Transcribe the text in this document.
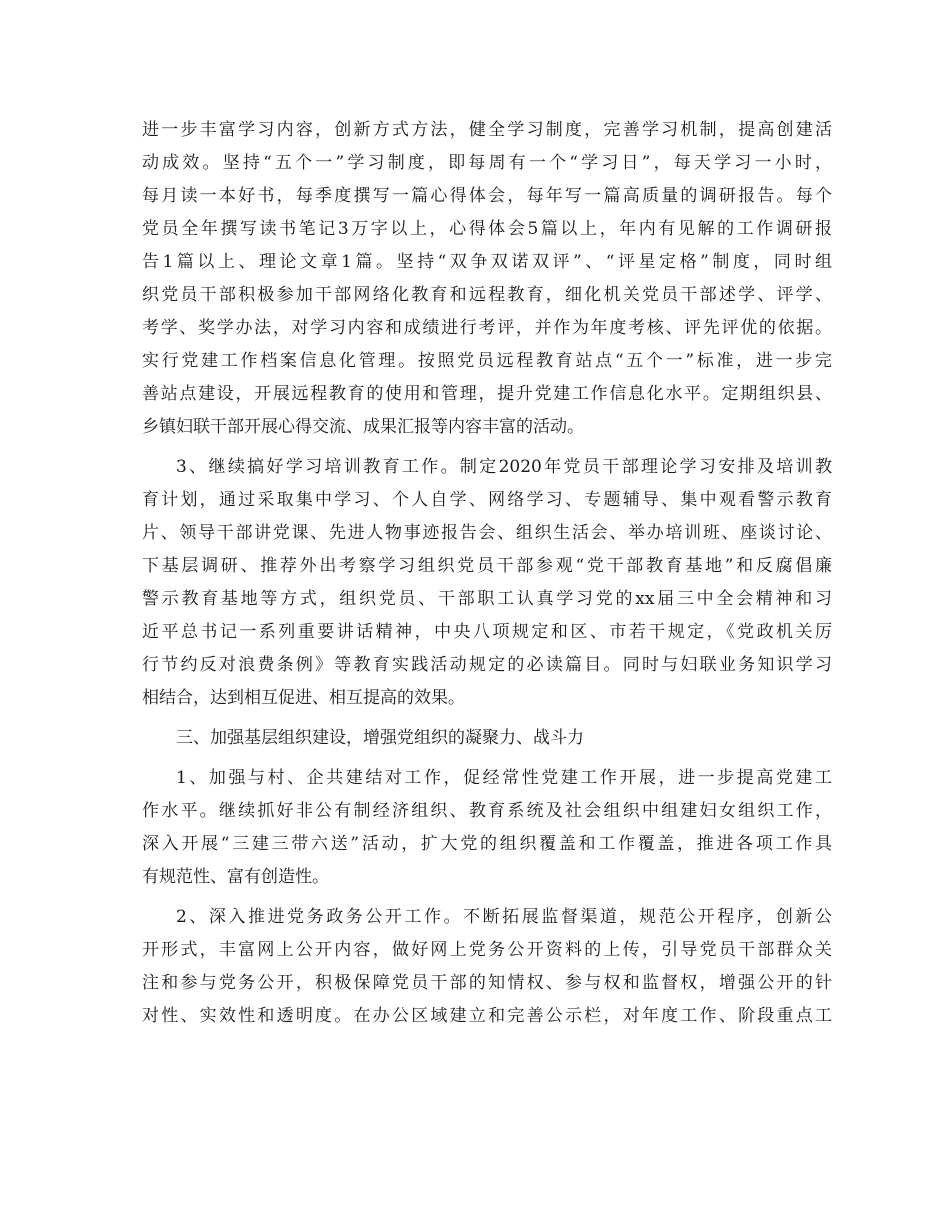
进一步丰富学习内容，创新方式方法，健全学习制度，完善学习机制，提高创建活
动成效。坚持“五个一”学习制度，即每周有一个“学习日”，每天学习一小时，
每月读一本好书，每季度撰写一篇心得体会，每年写一篇高质量的调研报告。每个
党员全年撰写读书笔记3万字以上，心得体会5篇以上，年内有见解的工作调研报
告1篇以上、理论文章1篇。坚持“双争双诺双评”、“评星定格”制度，同时组
织党员干部积极参加干部网络化教育和远程教育，细化机关党员干部述学、评学、
考学、奖学办法，对学习内容和成绩进行考评，并作为年度考核、评先评优的依据。
实行党建工作档案信息化管理。按照党员远程教育站点“五个一”标准，进一步完
善站点建设，开展远程教育的使用和管理，提升党建工作信息化水平。定期组织县、
乡镇妇联干部开展心得交流、成果汇报等内容丰富的活动。
3、继续搞好学习培训教育工作。制定2020年党员干部理论学习安排及培训教
育计划，通过采取集中学习、个人自学、网络学习、专题辅导、集中观看警示教育
片、领导干部讲党课、先进人物事迹报告会、组织生活会、举办培训班、座谈讨论、
下基层调研、推荐外出考察学习组织党员干部参观“党干部教育基地”和反腐倡廉
警示教育基地等方式，组织党员、干部职工认真学习党的xx届三中全会精神和习
近平总书记一系列重要讲话精神，中央八项规定和区、市若干规定，《党政机关厉
行节约反对浪费条例》等教育实践活动规定的必读篇目。同时与妇联业务知识学习
相结合，达到相互促进、相互提高的效果。
三、加强基层组织建设，增强党组织的凝聚力、战斗力
1、加强与村、企共建结对工作，促经常性党建工作开展，进一步提高党建工
作水平。继续抓好非公有制经济组织、教育系统及社会组织中组建妇女组织工作，
深入开展“三建三带六送”活动，扩大党的组织覆盖和工作覆盖，推进各项工作具
有规范性、富有创造性。
2、深入推进党务政务公开工作。不断拓展监督渠道，规范公开程序，创新公
开形式，丰富网上公开内容，做好网上党务公开资料的上传，引导党员干部群众关
注和参与党务公开，积极保障党员干部的知情权、参与权和监督权，增强公开的针
对性、实效性和透明度。在办公区域建立和完善公示栏，对年度工作、阶段重点工
